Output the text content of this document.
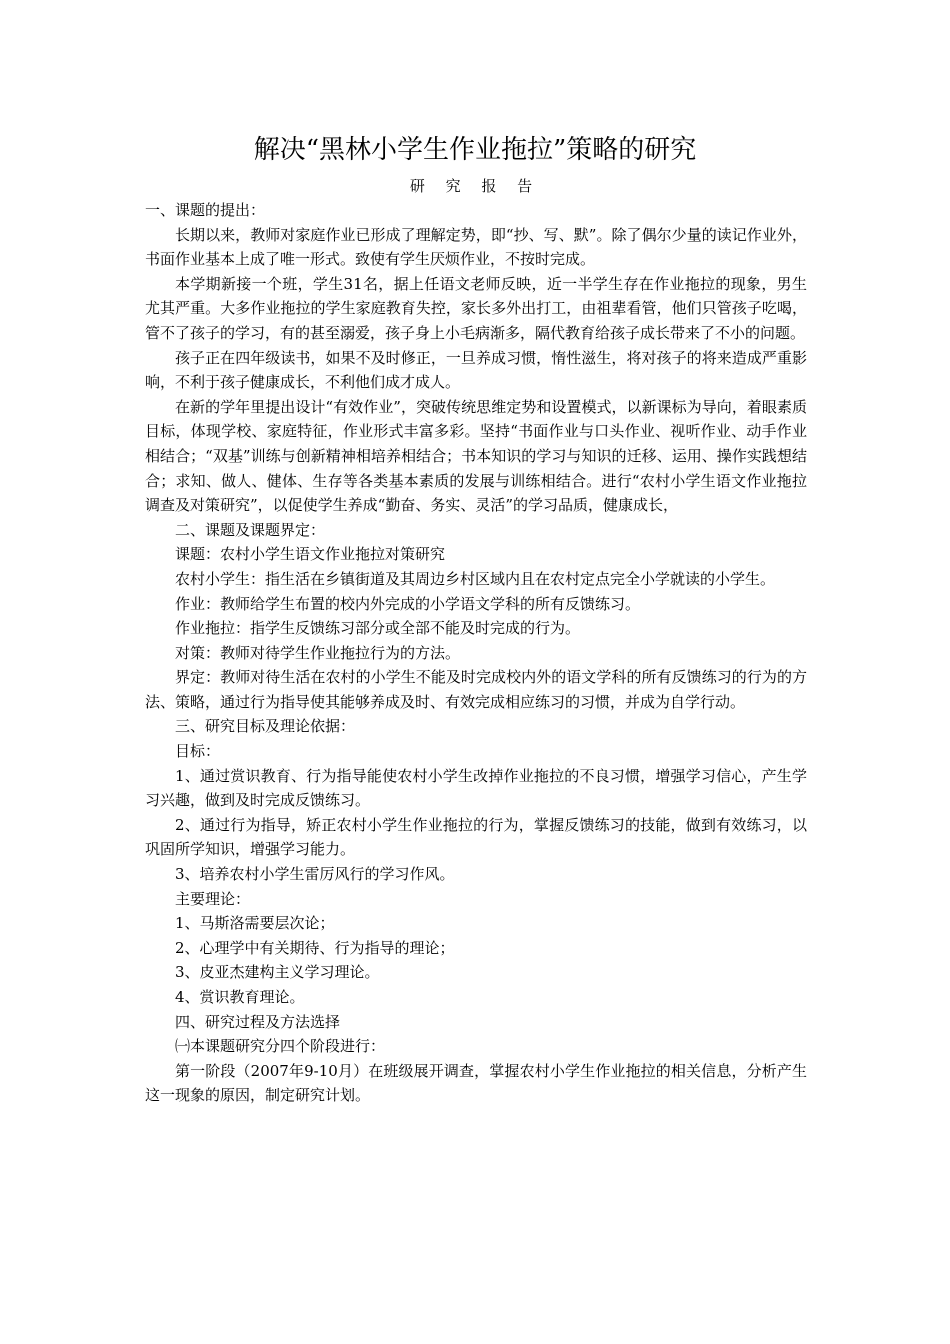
解决“黑林小学生作业拖拉”策略的研究
研 究 报 告

一、课题的提出：

长期以来，教师对家庭作业已形成了理解定势，即“抄、写、默”。除了偶尔少量的读记作业外，书面作业基本上成了唯一形式。致使有学生厌烦作业，不按时完成。

本学期新接一个班，学生31名，据上任语文老师反映，近一半学生存在作业拖拉的现象，男生尤其严重。大多作业拖拉的学生家庭教育失控，家长多外出打工，由祖辈看管，他们只管孩子吃喝，管不了孩子的学习，有的甚至溺爱，孩子身上小毛病渐多，隔代教育给孩子成长带来了不小的问题。

孩子正在四年级读书，如果不及时修正，一旦养成习惯，惰性滋生，将对孩子的将来造成严重影响，不利于孩子健康成长，不利他们成才成人。

在新的学年里提出设计“有效作业”，突破传统思维定势和设置模式，以新课标为导向，着眼素质目标，体现学校、家庭特征，作业形式丰富多彩。坚持“书面作业与口头作业、视听作业、动手作业相结合；“双基”训练与创新精神相培养相结合；书本知识的学习与知识的迁移、运用、操作实践想结合；求知、做人、健体、生存等各类基本素质的发展与训练相结合。进行“农村小学生语文作业拖拉调查及对策研究”，以促使学生养成“勤奋、务实、灵活”的学习品质，健康成长，

二、课题及课题界定：

课题：农村小学生语文作业拖拉对策研究

农村小学生：指生活在乡镇街道及其周边乡村区域内且在农村定点完全小学就读的小学生。

作业：教师给学生布置的校内外完成的小学语文学科的所有反馈练习。

作业拖拉：指学生反馈练习部分或全部不能及时完成的行为。

对策：教师对待学生作业拖拉行为的方法。

界定：教师对待生活在农村的小学生不能及时完成校内外的语文学科的所有反馈练习的行为的方法、策略，通过行为指导使其能够养成及时、有效完成相应练习的习惯，并成为自学行动。

三、研究目标及理论依据：

目标：

1、通过赏识教育、行为指导能使农村小学生改掉作业拖拉的不良习惯，增强学习信心，产生学习兴趣，做到及时完成反馈练习。

2、通过行为指导，矫正农村小学生作业拖拉的行为，掌握反馈练习的技能，做到有效练习，以巩固所学知识，增强学习能力。

3、培养农村小学生雷厉风行的学习作风。

主要理论：

1、马斯洛需要层次论；

2、心理学中有关期待、行为指导的理论；

3、皮亚杰建构主义学习理论。

4、赏识教育理论。

四、研究过程及方法选择

㈠本课题研究分四个阶段进行：

第一阶段（2007年9-10月）在班级展开调查，掌握农村小学生作业拖拉的相关信息，分析产生这一现象的原因，制定研究计划。
